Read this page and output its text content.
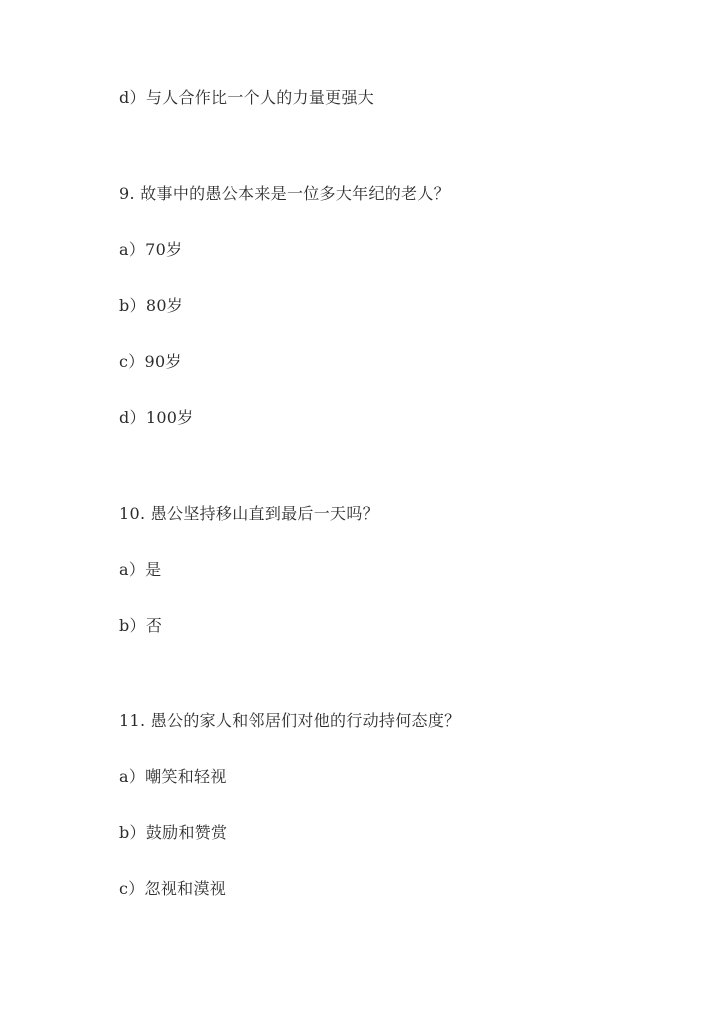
d）与人合作比一个人的力量更强大
9. 故事中的愚公本来是一位多大年纪的老人？
a）70岁
b）80岁
c）90岁
d）100岁
10. 愚公坚持移山直到最后一天吗？
a）是
b）否
11. 愚公的家人和邻居们对他的行动持何态度？
a）嘲笑和轻视
b）鼓励和赞赏
c）忽视和漠视
